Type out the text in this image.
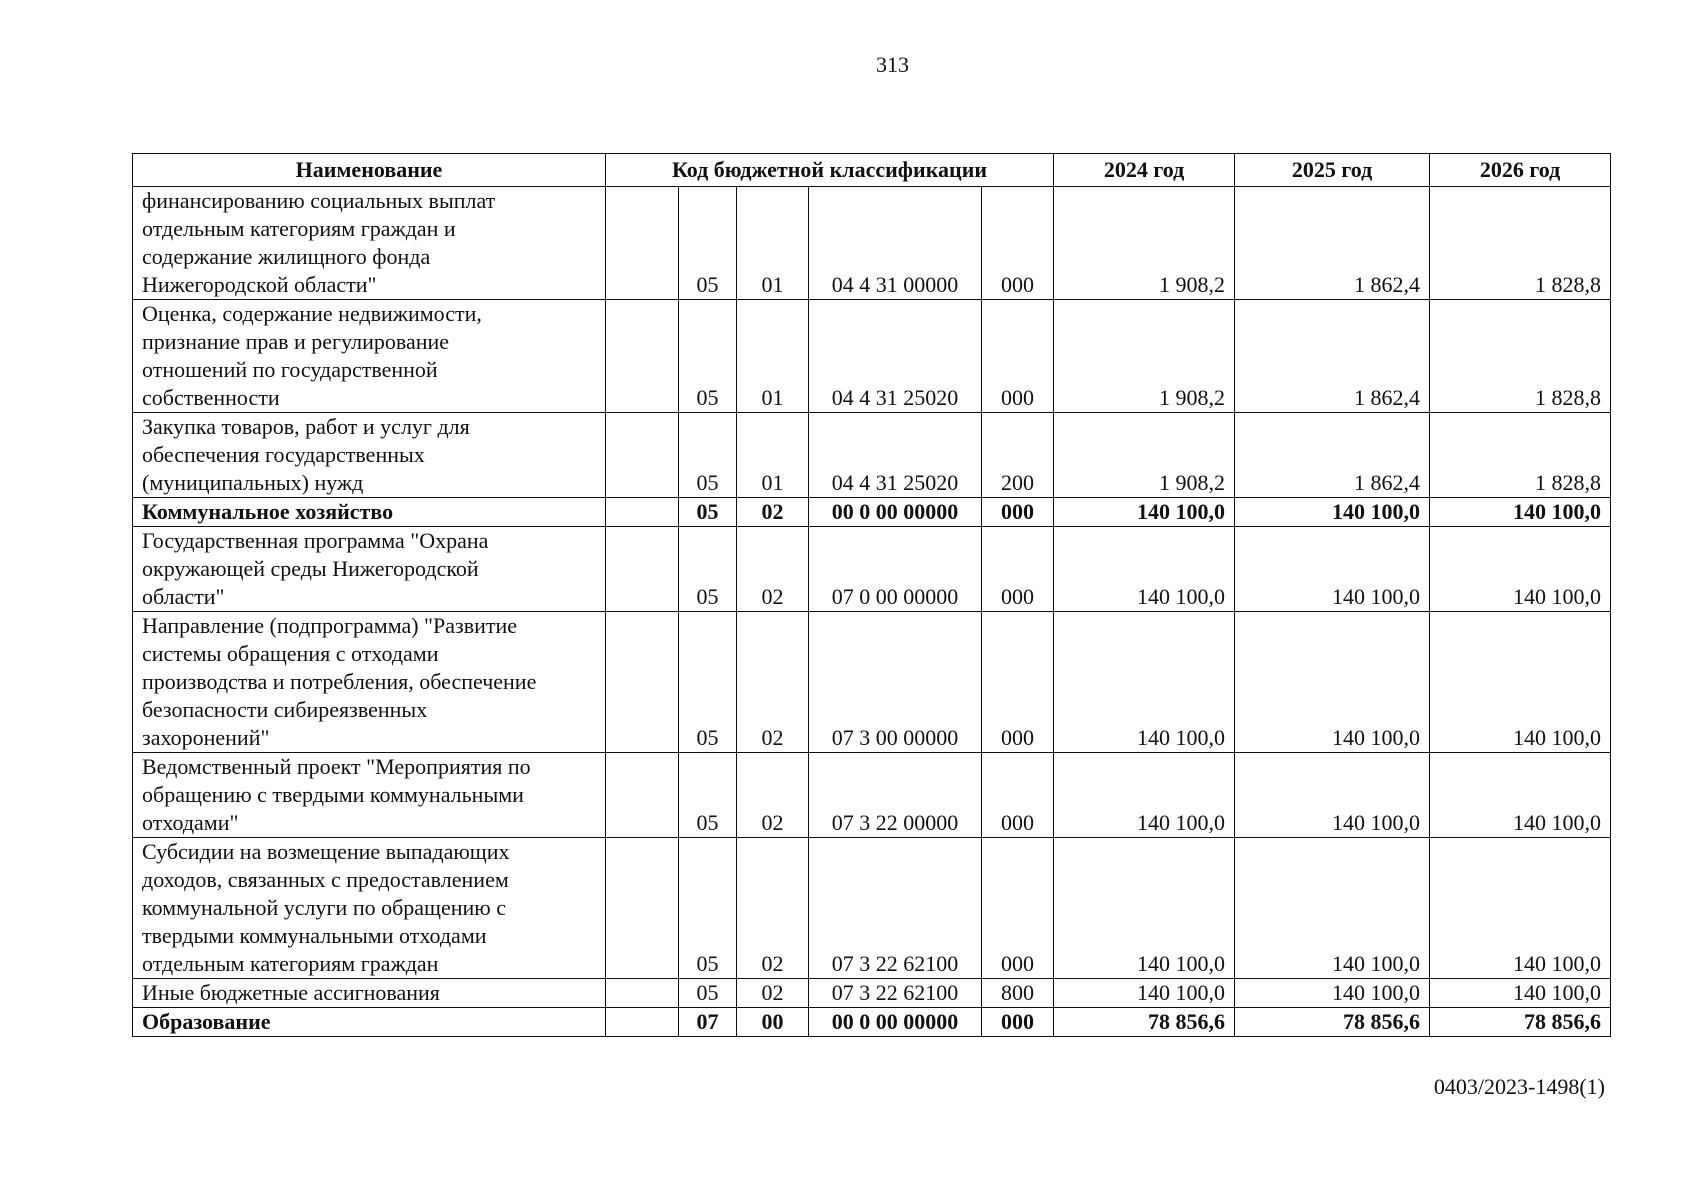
313
Наименование	Код бюджетной классификации					2024 год	2025 год	2026 год
финансированию социальных выплат
отдельным категориям граждан и
содержание жилищного фонда
Нижегородской области"		05	01	04 4 31 00000	000	1 908,2	1 862,4	1 828,8
Оценка, содержание недвижимости,
признание прав и регулирование
отношений по государственной
собственности		05	01	04 4 31 25020	000	1 908,2	1 862,4	1 828,8
Закупка товаров, работ и услуг для
обеспечения государственных
(муниципальных) нужд		05	01	04 4 31 25020	200	1 908,2	1 862,4	1 828,8
Коммунальное хозяйство		05	02	00 0 00 00000	000	140 100,0	140 100,0	140 100,0
Государственная программа "Охрана
окружающей среды Нижегородской
области"		05	02	07 0 00 00000	000	140 100,0	140 100,0	140 100,0
Направление (подпрограмма) "Развитие
системы обращения с отходами
производства и потребления, обеспечение
безопасности сибиреязвенных
захоронений"		05	02	07 3 00 00000	000	140 100,0	140 100,0	140 100,0
Ведомственный проект "Мероприятия по
обращению с твердыми коммунальными
отходами"		05	02	07 3 22 00000	000	140 100,0	140 100,0	140 100,0
Субсидии на возмещение выпадающих
доходов, связанных с предоставлением
коммунальной услуги по обращению с
твердыми коммунальными отходами
отдельным категориям граждан		05	02	07 3 22 62100	000	140 100,0	140 100,0	140 100,0
Иные бюджетные ассигнования		05	02	07 3 22 62100	800	140 100,0	140 100,0	140 100,0
Образование		07	00	00 0 00 00000	000	78 856,6	78 856,6	78 856,6
0403/2023-1498(1)
